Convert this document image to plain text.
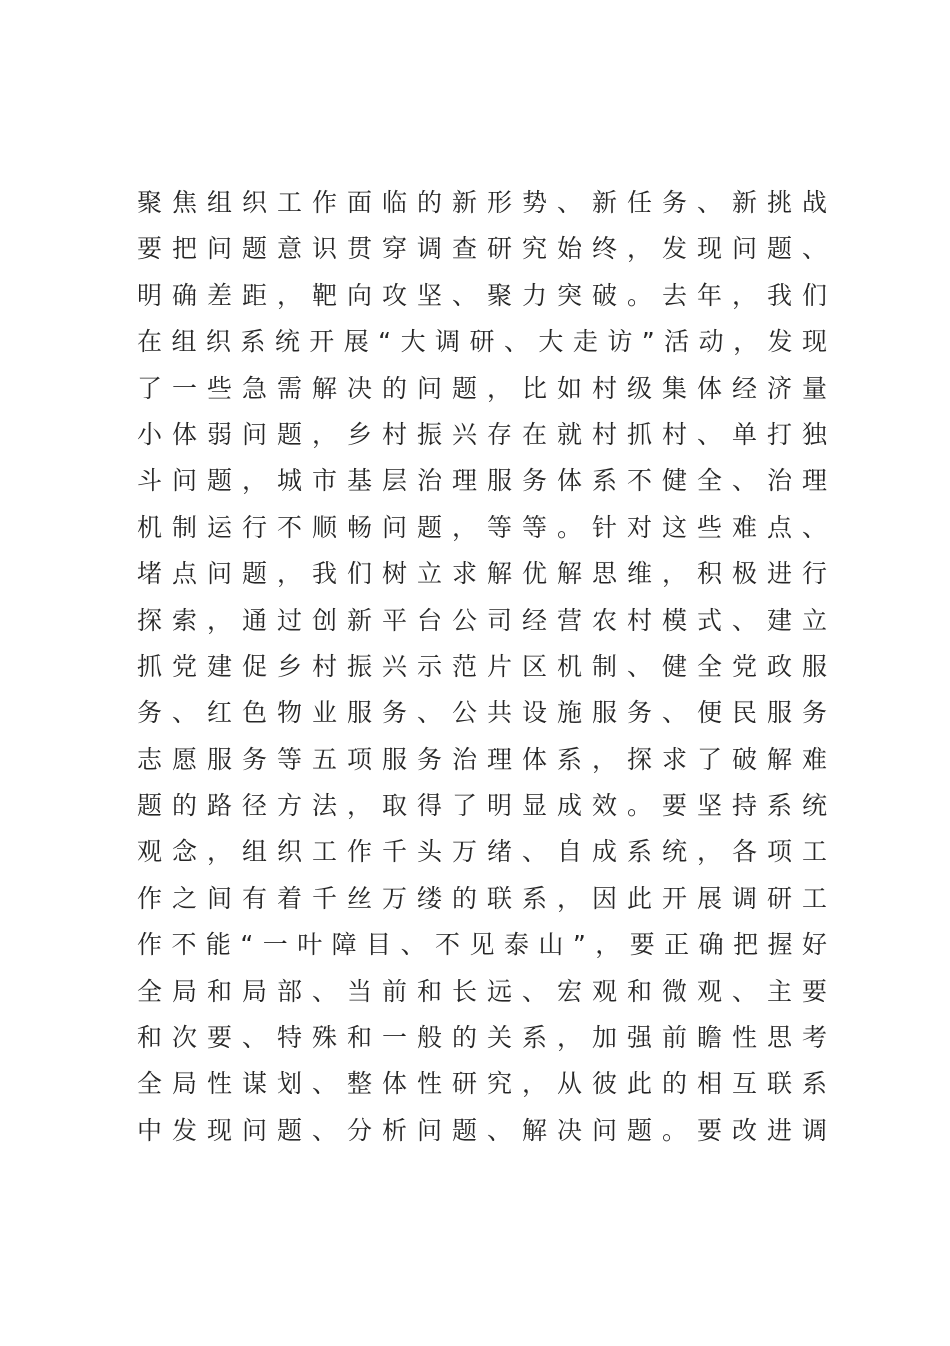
聚焦组织工作面临的新形势、新任务、新挑战
要把问题意识贯穿调查研究始终，发现问题、
明确差距，靶向攻坚、聚力突破。去年，我们
在组织系统开展“大调研、大走访”活动，发现
了一些急需解决的问题，比如村级集体经济量
小体弱问题，乡村振兴存在就村抓村、单打独
斗问题，城市基层治理服务体系不健全、治理
机制运行不顺畅问题，等等。针对这些难点、
堵点问题，我们树立求解优解思维，积极进行
探索，通过创新平台公司经营农村模式、建立
抓党建促乡村振兴示范片区机制、健全党政服
务、红色物业服务、公共设施服务、便民服务
志愿服务等五项服务治理体系，探求了破解难
题的路径方法，取得了明显成效。要坚持系统
观念，组织工作千头万绪、自成系统，各项工
作之间有着千丝万缕的联系，因此开展调研工
作不能“一叶障目、不见泰山”，要正确把握好
全局和局部、当前和长远、宏观和微观、主要
和次要、特殊和一般的关系，加强前瞻性思考
全局性谋划、整体性研究，从彼此的相互联系
中发现问题、分析问题、解决问题。要改进调
